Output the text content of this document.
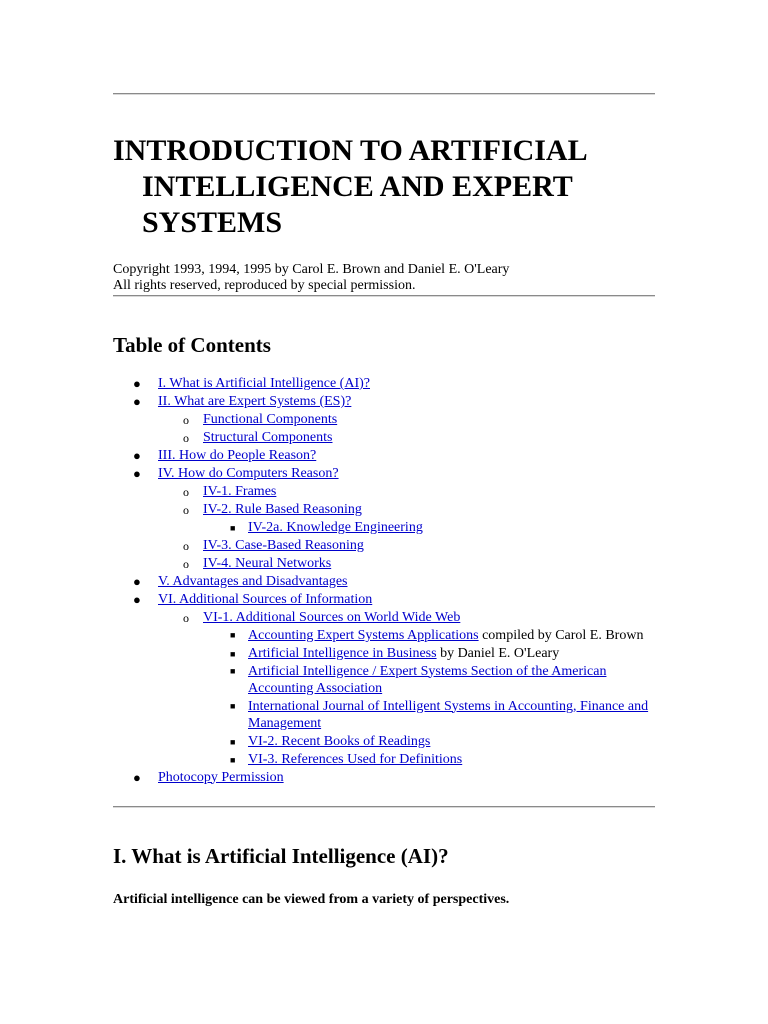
INTRODUCTION TO ARTIFICIAL INTELLIGENCE AND EXPERT SYSTEMS
Copyright 1993, 1994, 1995 by Carol E. Brown and Daniel E. O'Leary
All rights reserved, reproduced by special permission.
Table of Contents
● I. What is Artificial Intelligence (AI)?
● II. What are Expert Systems (ES)?
o Functional Components
o Structural Components
● III. How do People Reason?
● IV. How do Computers Reason?
o IV-1. Frames
o IV-2. Rule Based Reasoning
■ IV-2a. Knowledge Engineering
o IV-3. Case-Based Reasoning
o IV-4. Neural Networks
● V. Advantages and Disadvantages
● VI. Additional Sources of Information
o VI-1. Additional Sources on World Wide Web
■ Accounting Expert Systems Applications compiled by Carol E. Brown
■ Artificial Intelligence in Business by Daniel E. O'Leary
■ Artificial Intelligence / Expert Systems Section of the American Accounting Association
■ International Journal of Intelligent Systems in Accounting, Finance and Management
■ VI-2. Recent Books of Readings
■ VI-3. References Used for Definitions
● Photocopy Permission
I. What is Artificial Intelligence (AI)?

Artificial intelligence can be viewed from a variety of perspectives.
